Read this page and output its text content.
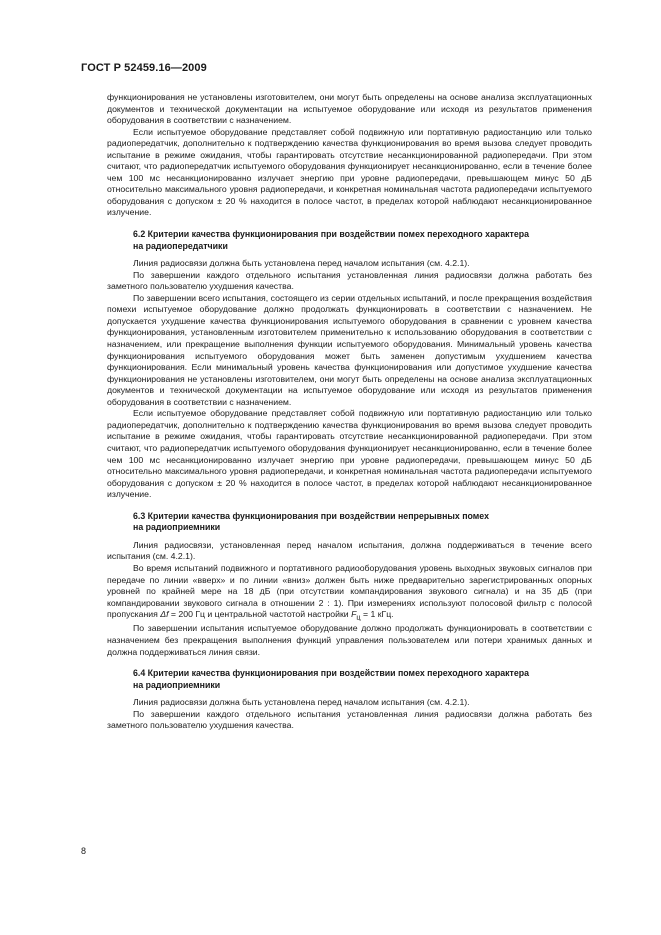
ГОСТ Р 52459.16—2009

функционирования не установлены изготовителем, они могут быть определены на основе анализа эксплуатационных документов и технической документации на испытуемое оборудование или исходя из результатов применения оборудования в соответствии с назначением.

Если испытуемое оборудование представляет собой подвижную или портативную радиостанцию или только радиопередатчик, дополнительно к подтверждению качества функционирования во время вызова следует проводить испытание в режиме ожидания, чтобы гарантировать отсутствие несанкционированной радиопередачи. При этом считают, что радиопередатчик испытуемого оборудования функционирует несанкционированно, если в течение более чем 100 мс несанкционированно излучает энергию при уровне радиопередачи, превышающем минус 50 дБ относительно максимального уровня радиопередачи, и конкретная номинальная частота радиопередачи испытуемого оборудования с допуском ± 20 % находится в полосе частот, в пределах которой наблюдают несанкционированное излучение.

6.2 Критерии качества функционирования при воздействии помех переходного характера
на радиопередатчики

Линия радиосвязи должна быть установлена перед началом испытания (см. 4.2.1).

По завершении каждого отдельного испытания установленная линия радиосвязи должна работать без заметного пользователю ухудшения качества.

По завершении всего испытания, состоящего из серии отдельных испытаний, и после прекращения воздействия помехи испытуемое оборудование должно продолжать функционировать в соответствии с назначением. Не допускается ухудшение качества функционирования испытуемого оборудования в сравнении с уровнем качества функционирования, установленным изготовителем применительно к использованию оборудования в соответствии с назначением, или прекращение выполнения функции испытуемого оборудования. Минимальный уровень качества функционирования испытуемого оборудования может быть заменен допустимым ухудшением качества функционирования. Если минимальный уровень качества функционирования или допустимое ухудшение качества функционирования не установлены изготовителем, они могут быть определены на основе анализа эксплуатационных документов и технической документации на испытуемое оборудование или исходя из результатов применения оборудования в соответствии с назначением.

Если испытуемое оборудование представляет собой подвижную или портативную радиостанцию или только радиопередатчик, дополнительно к подтверждению качества функционирования во время вызова следует проводить испытание в режиме ожидания, чтобы гарантировать отсутствие несанкционированной радиопередачи. При этом считают, что радиопередатчик испытуемого оборудования функционирует несанкционированно, если в течение более чем 100 мс несанкционированно излучает энергию при уровне радиопередачи, превышающем минус 50 дБ относительно максимального уровня радиопередачи, и конкретная номинальная частота радиопередачи испытуемого оборудования с допуском ± 20 % находится в полосе частот, в пределах которой наблюдают несанкционированное излучение.

6.3 Критерии качества функционирования при воздействии непрерывных помех
на радиоприемники

Линия радиосвязи, установленная перед началом испытания, должна поддерживаться в течение всего испытания (см. 4.2.1).

Во время испытаний подвижного и портативного радиооборудования уровень выходных звуковых сигналов при передаче по линии «вверх» и по линии «вниз» должен быть ниже предварительно зарегистрированных опорных уровней по крайней мере на 18 дБ (при отсутствии компандирования звукового сигнала) и на 35 дБ (при компандировании звукового сигнала в отношении 2 : 1). При измерениях используют полосовой фильтр с полосой пропускания Δf = 200 Гц и центральной частотой настройки $F_ц = 1$ кГц.

По завершении испытания испытуемое оборудование должно продолжать функционировать в соответствии с назначением без прекращения выполнения функций управления пользователем или потери хранимых данных и должна поддерживаться линия связи.

6.4 Критерии качества функционирования при воздействии помех переходного характера
на радиоприемники

Линия радиосвязи должна быть установлена перед началом испытания (см. 4.2.1).

По завершении каждого отдельного испытания установленная линия радиосвязи должна работать без заметного пользователю ухудшения качества.

8
